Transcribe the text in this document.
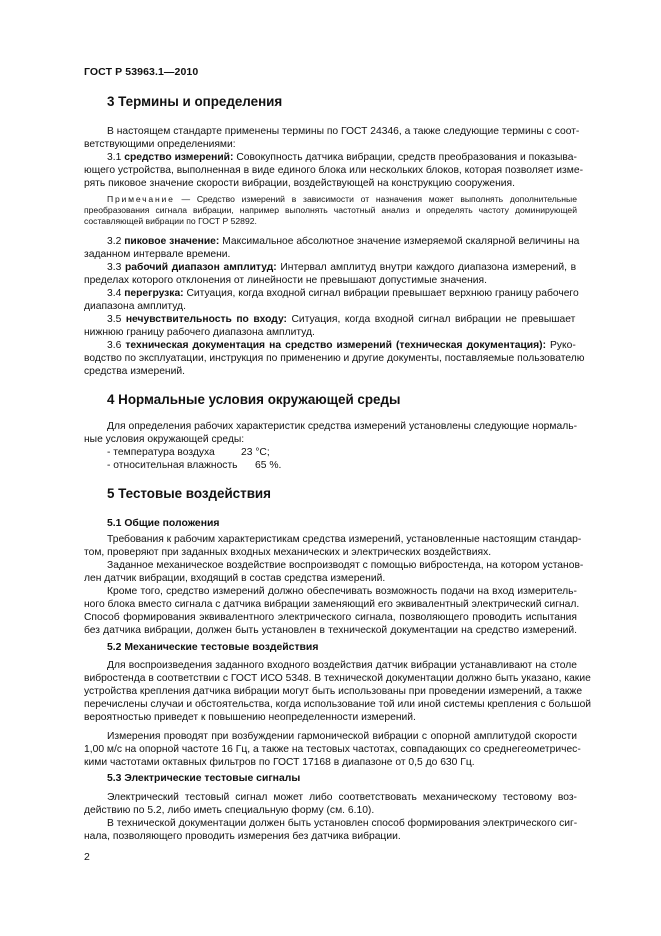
ГОСТ Р 53963.1—2010
3 Термины и определения
В настоящем стандарте применены термины по ГОСТ 24346, а также следующие термины с соот-
ветствующими определениями:
3.1 средство измерений: Совокупность датчика вибрации, средств преобразования и показыва-
ющего устройства, выполненная в виде единого блока или нескольких блоков, которая позволяет изме-
рять пиковое значение скорости вибрации, воздействующей на конструкцию сооружения.
Примечание — Средство измерений в зависимости от назначения может выполнять дополнительные
преобразования сигнала вибрации, например выполнять частотный анализ и определять частоту доминирующей
составляющей вибрации по ГОСТ Р 52892.
3.2 пиковое значение: Максимальное абсолютное значение измеряемой скалярной величины на
заданном интервале времени.
3.3 рабочий диапазон амплитуд: Интервал амплитуд внутри каждого диапазона измерений, в
пределах которого отклонения от линейности не превышают допустимые значения.
3.4 перегрузка: Ситуация, когда входной сигнал вибрации превышает верхнюю границу рабочего
диапазона амплитуд.
3.5 нечувствительность по входу: Ситуация, когда входной сигнал вибрации не превышает
нижнюю границу рабочего диапазона амплитуд.
3.6 техническая документация на средство измерений (техническая документация): Руко-
водство по эксплуатации, инструкция по применению и другие документы, поставляемые пользователю
средства измерений.
4 Нормальные условия окружающей среды
Для определения рабочих характеристик средства измерений установлены следующие нормаль-
ные условия окружающей среды:
- температура воздуха	23 °C;
- относительная влажность 65 %.
5 Тестовые воздействия
5.1 Общие положения
Требования к рабочим характеристикам средства измерений, установленные настоящим стандар-
том, проверяют при заданных входных механических и электрических воздействиях.
Заданное механическое воздействие воспроизводят с помощью вибростенда, на котором установ-
лен датчик вибрации, входящий в состав средства измерений.
Кроме того, средство измерений должно обеспечивать возможность подачи на вход измеритель-
ного блока вместо сигнала с датчика вибрации заменяющий его эквивалентный электрический сигнал.
Способ формирования эквивалентного электрического сигнала, позволяющего проводить испытания
без датчика вибрации, должен быть установлен в технической документации на средство измерений.
5.2 Механические тестовые воздействия
Для воспроизведения заданного входного воздействия датчик вибрации устанавливают на столе
вибростенда в соответствии с ГОСТ ИСО 5348. В технической документации должно быть указано, какие
устройства крепления датчика вибрации могут быть использованы при проведении измерений, а также
перечислены случаи и обстоятельства, когда использование той или иной системы крепления с большой
вероятностью приведет к повышению неопределенности измерений.
Измерения проводят при возбуждении гармонической вибрации с опорной амплитудой скорости
1,00 м/с на опорной частоте 16 Гц, а также на тестовых частотах, совпадающих со среднегеометричес-
кими частотами октавных фильтров по ГОСТ 17168 в диапазоне от 0,5 до 630 Гц.
5.3 Электрические тестовые сигналы
Электрический тестовый сигнал может либо соответствовать механическому тестовому воз-
действию по 5.2, либо иметь специальную форму (см. 6.10).
В технической документации должен быть установлен способ формирования электрического сиг-
нала, позволяющего проводить измерения без датчика вибрации.
2
